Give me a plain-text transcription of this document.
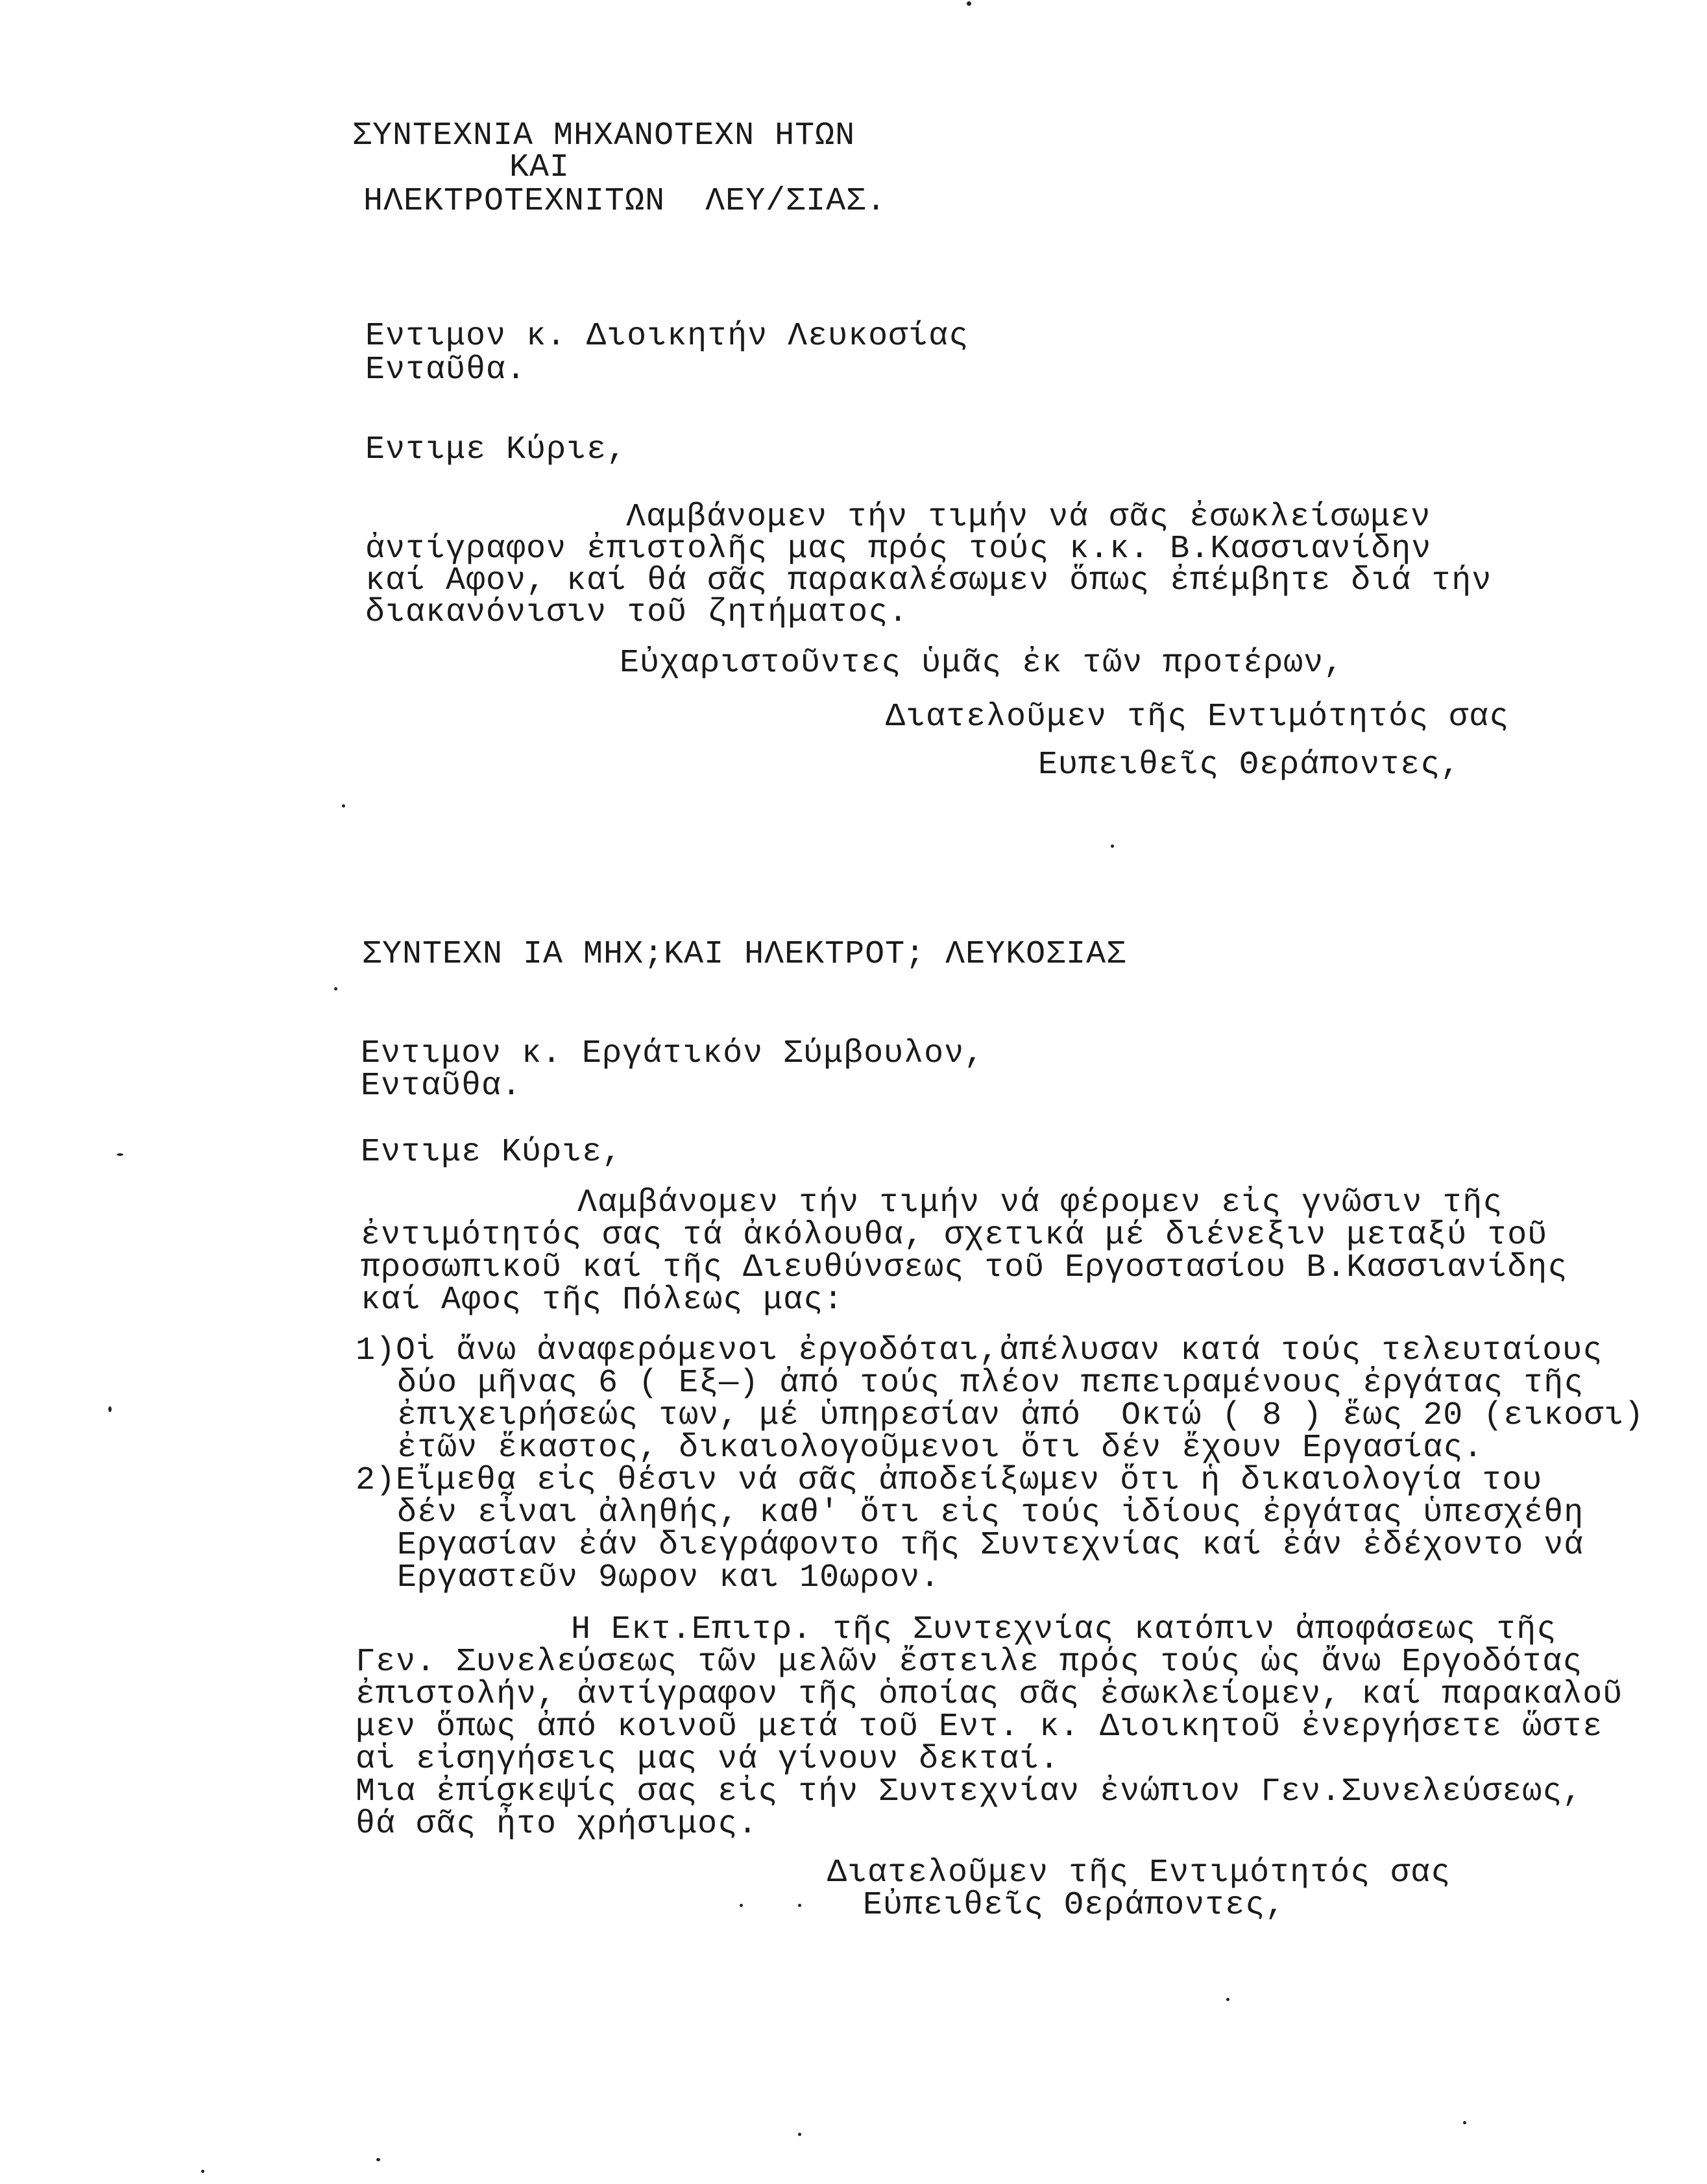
ΣΥΝΤΕΧΝΙΑ ΜΗΧΑΝΟΤΕΧΝ ΗΤΩΝ
ΚΑΙ
ΗΛΕΚΤΡΟΤΕΧΝΙΤΩΝ  ΛΕΥ/ΣΙΑΣ.
Εντιμον κ. Διοικητήν Λευκοσίας
Ενταῦθα.
Εντιμε Κύριε,
Λαμβάνομεν τήν τιμήν νά σᾶς ἐσωκλείσωμεν
ἀντίγραφον ἐπιστολῆς μας πρός τούς κ.κ. Β.Κασσιανίδην
καί Αφον, καί θά σᾶς παρακαλέσωμεν ὅπως ἐπέμβητε διά τήν
διακανόνισιν τοῦ ζητήματος.
Εὐχαριστοῦντες ὑμᾶς ἐκ τῶν προτέρων,
Διατελοῦμεν τῆς Εντιμότητός σας
Ευπειθεῖς Θεράποντες,
ΣΥΝΤΕΧΝ ΙΑ ΜΗΧ;ΚΑΙ ΗΛΕΚΤΡΟΤ; ΛΕΥΚΟΣΙΑΣ
Εντιμον κ. Εργάτικόν Σύμβουλον,
Ενταῦθα.
Εντιμε Κύριε,
Λαμβάνομεν τήν τιμήν νά φέρομεν εἰς γνῶσιν τῆς
ἐντιμότητός σας τά ἀκόλουθα, σχετικά μέ διένεξιν μεταξύ τοῦ
προσωπικοῦ καί τῆς Διευθύνσεως τοῦ Εργοστασίου Β.Κασσιανίδης
καί Αφος τῆς Πόλεως μας:
1)Οἱ ἄνω ἀναφερόμενοι ἐργοδόται,ἀπέλυσαν κατά τούς τελευταίους
δύο μῆνας 6 ( Εξ—) ἀπό τούς πλέον πεπειραμένους ἐργάτας τῆς
ἐπιχειρήσεώς των, μέ ὑπηρεσίαν ἀπό  Οκτώ ( 8 ) ἕως 20 (εικοσι)
ἐτῶν ἕκαστος, δικαιολογοῦμενοι ὅτι δέν ἔχουν Εργασίας.
2)Εἴμεθα εἰς θέσιν νά σᾶς ἀποδείξωμεν ὅτι ἡ δικαιολογία του
δέν εἶναι ἀληθής, καθ' ὅτι εἰς τούς ἰδίους ἐργάτας ὑπεσχέθη
Εργασίαν ἐάν διεγράφοντο τῆς Συντεχνίας καί ἐάν ἐδέχοντο νά
Εργαστεῦν 9ωρον και 10ωρον.
Η Εκτ.Επιτρ. τῆς Συντεχνίας κατόπιν ἀποφάσεως τῆς
Γεν. Συνελεύσεως τῶν μελῶν ἔστειλε πρός τούς ὡς ἄνω Εργοδότας
ἐπιστολήν, ἀντίγραφον τῆς ὁποίας σᾶς ἐσωκλείομεν, καί παρακαλοῦ
μεν ὅπως ἀπό κοινοῦ μετά τοῦ Εντ. κ. Διοικητοῦ ἐνεργήσετε ὥστε
αἱ εἰσηγήσεις μας νά γίνουν δεκταί.
Μια ἐπίσκεψίς σας εἰς τήν Συντεχνίαν ἐνώπιον Γεν.Συνελεύσεως,
θά σᾶς ἦτο χρήσιμος.
Διατελοῦμεν τῆς Εντιμότητός σας
Εὐπειθεῖς Θεράποντες,
